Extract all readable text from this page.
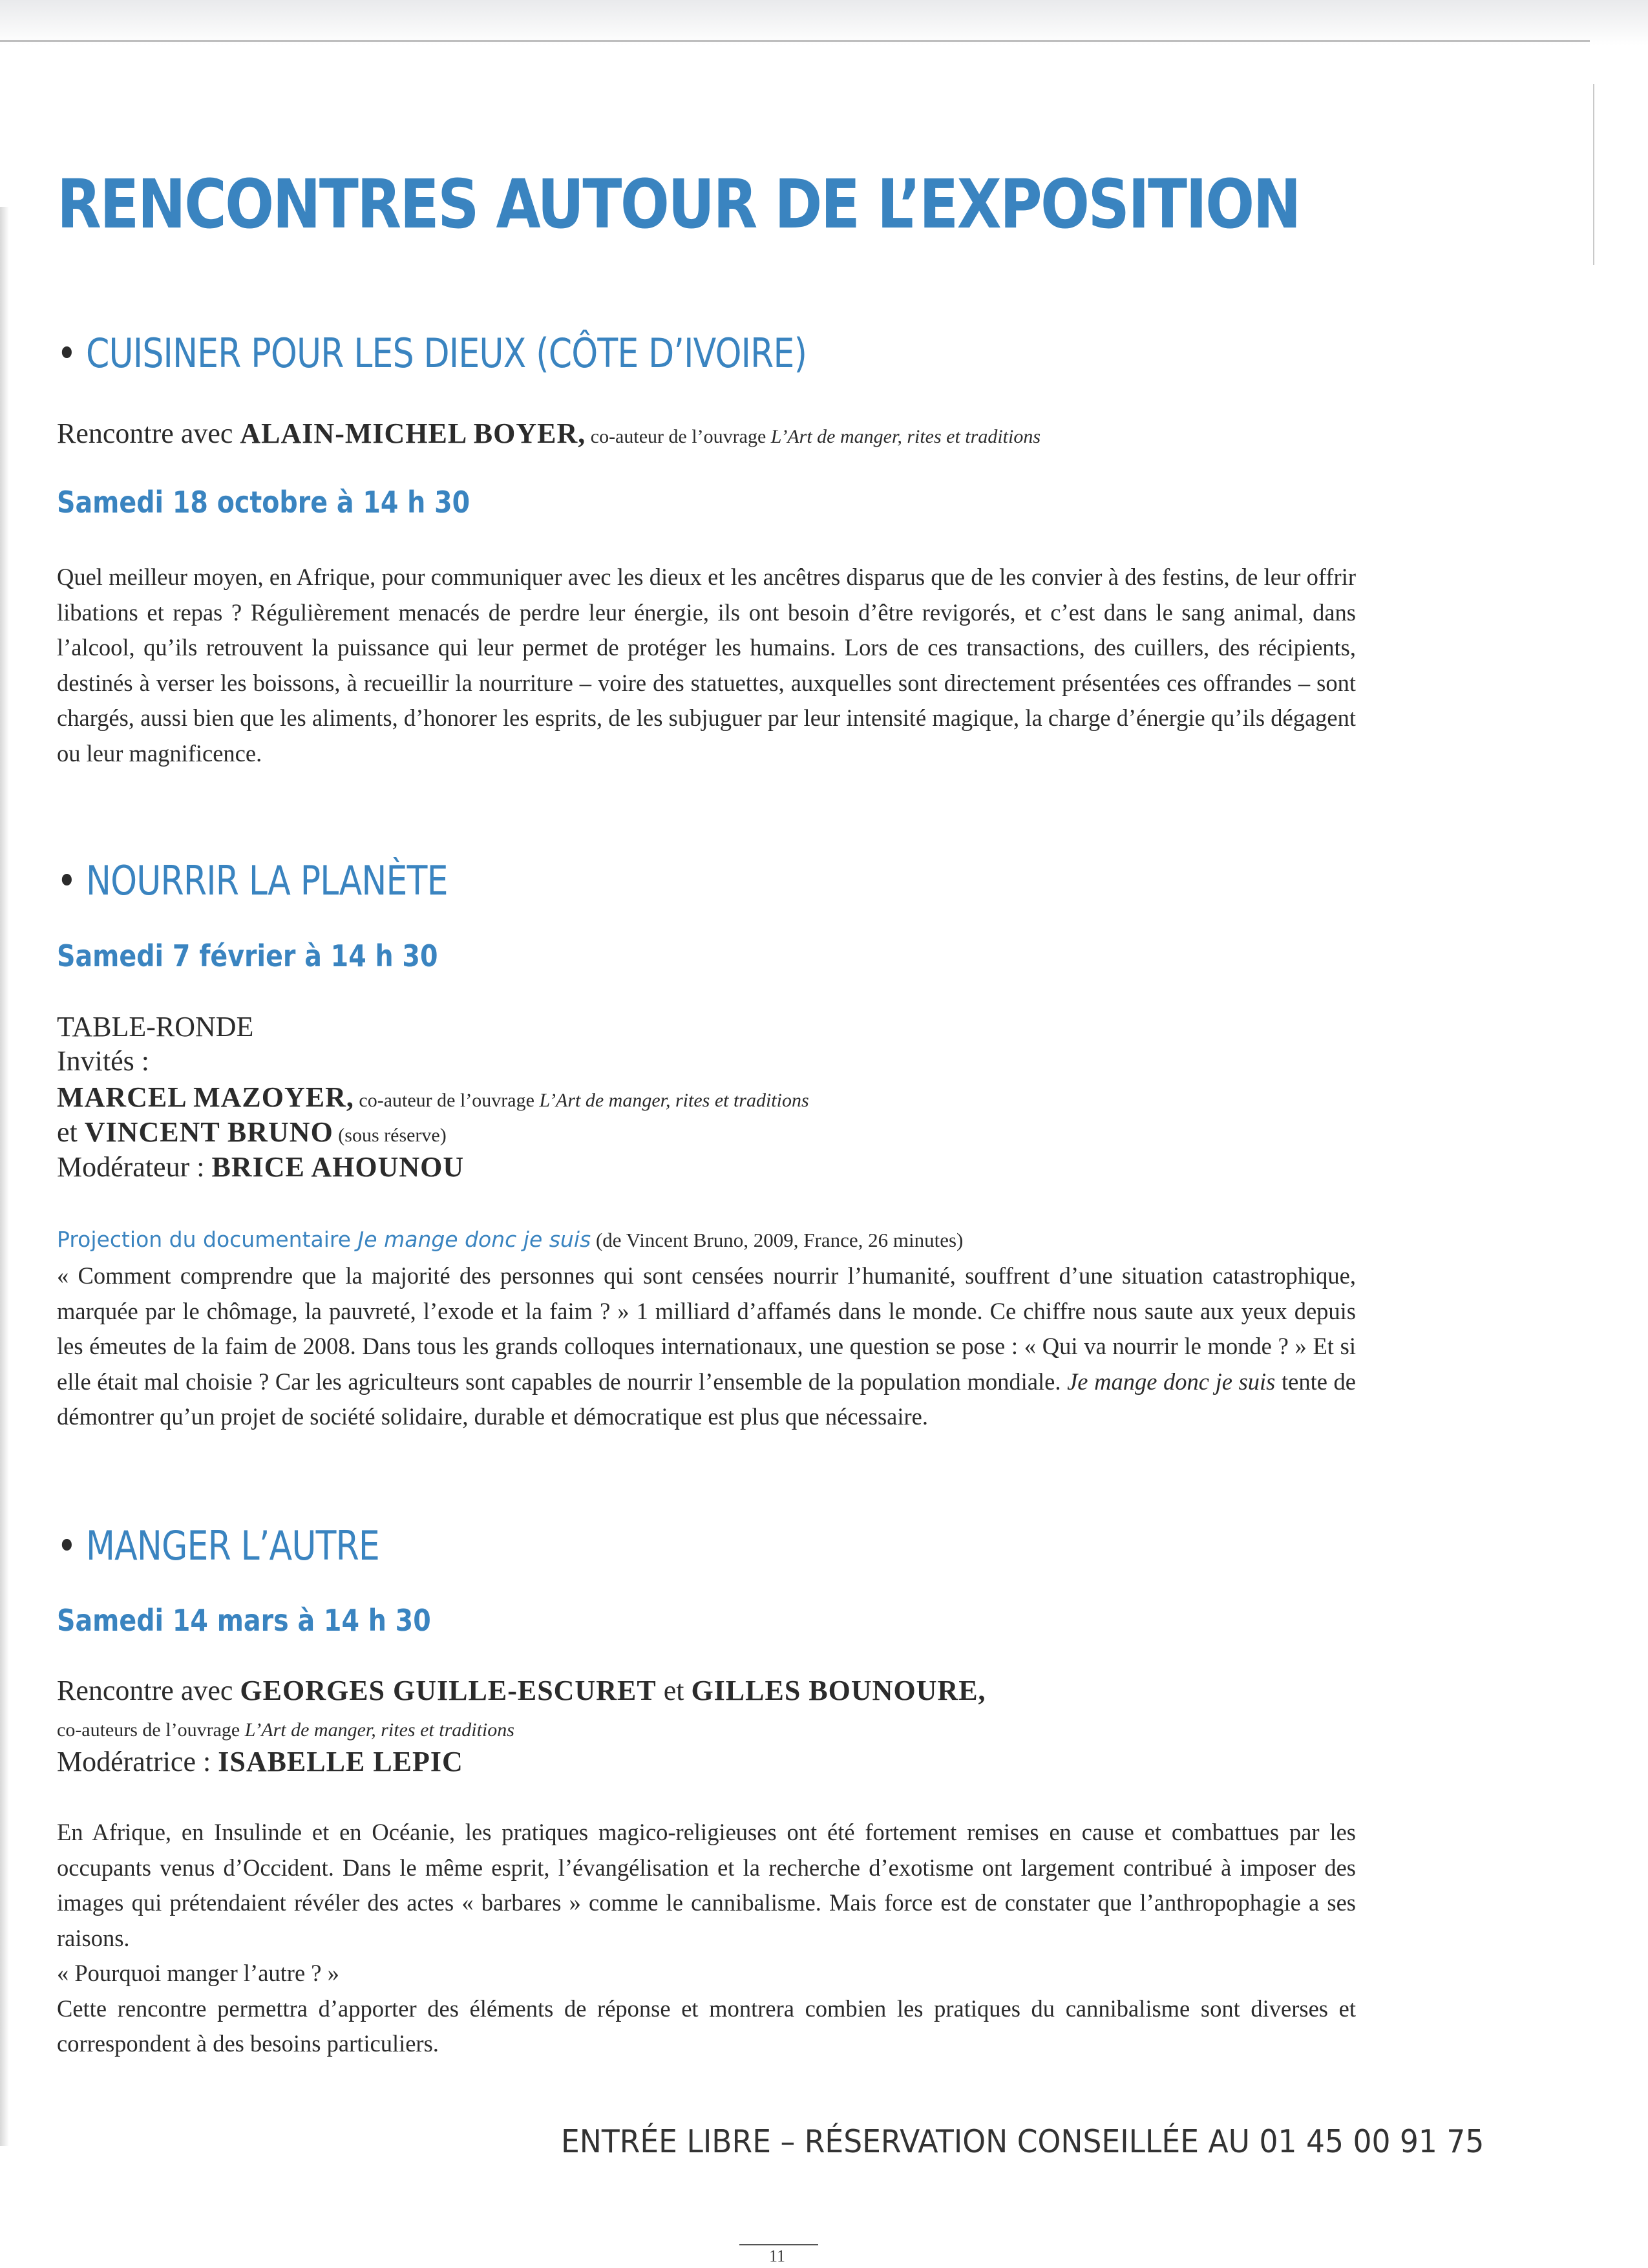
RENCONTRES AUTOUR DE L’EXPOSITION
• CUISINER POUR LES DIEUX (CÔTE D’IVOIRE)
Rencontre avec ALAIN-MICHEL BOYER, co-auteur de l’ouvrage L’Art de manger, rites et traditions
Samedi 18 octobre à 14 h 30

Quel meilleur moyen, en Afrique, pour communiquer avec les dieux et les ancêtres disparus que de les convier à des festins, de leur offrir libations et repas ? Régulièrement menacés de perdre leur énergie, ils ont besoin d’être revigorés, et c’est dans le sang animal, dans l’alcool, qu’ils retrouvent la puissance qui leur permet de protéger les humains. Lors de ces transactions, des cuillers, des récipients, destinés à verser les boissons, à recueillir la nourriture – voire des statuettes, auxquelles sont directement présentées ces offrandes – sont chargés, aussi bien que les aliments, d’honorer les esprits, de les subjuguer par leur intensité magique, la charge d’énergie qu’ils dégagent ou leur magnificence.

• NOURRIR LA PLANÈTE
Samedi 7 février à 14 h 30
TABLE-RONDE
Invités :
MARCEL MAZOYER, co-auteur de l’ouvrage L’Art de manger, rites et traditions
et VINCENT BRUNO (sous réserve)
Modérateur : BRICE AHOUNOU
Projection du documentaire Je mange donc je suis (de Vincent Bruno, 2009, France, 26 minutes)

« Comment comprendre que la majorité des personnes qui sont censées nourrir l’humanité, souffrent d’une situation catastrophique, marquée par le chômage, la pauvreté, l’exode et la faim ? » 1 milliard d’affamés dans le monde. Ce chiffre nous saute aux yeux depuis les émeutes de la faim de 2008. Dans tous les grands colloques internationaux, une question se pose : « Qui va nourrir le monde ? » Et si elle était mal choisie ? Car les agriculteurs sont capables de nourrir l’ensemble de la population mondiale. Je mange donc je suis tente de démontrer qu’un projet de société solidaire, durable et démocratique est plus que nécessaire.

• MANGER L’AUTRE
Samedi 14 mars à 14 h 30
Rencontre avec GEORGES GUILLE-ESCURET et GILLES BOUNOURE,
co-auteurs de l’ouvrage L’Art de manger, rites et traditions
Modératrice : ISABELLE LEPIC

En Afrique, en Insulinde et en Océanie, les pratiques magico-religieuses ont été fortement remises en cause et combattues par les occupants venus d’Occident. Dans le même esprit, l’évangélisation et la recherche d’exotisme ont largement contribué à imposer des images qui prétendaient révéler des actes « barbares » comme le cannibalisme. Mais force est de constater que l’anthropophagie a ses raisons.
« Pourquoi manger l’autre ? »
Cette rencontre permettra d’apporter des éléments de réponse et montrera combien les pratiques du cannibalisme sont diverses et correspondent à des besoins particuliers.

ENTRÉE LIBRE – RÉSERVATION CONSEILLÉE AU 01 45 00 91 75
11
